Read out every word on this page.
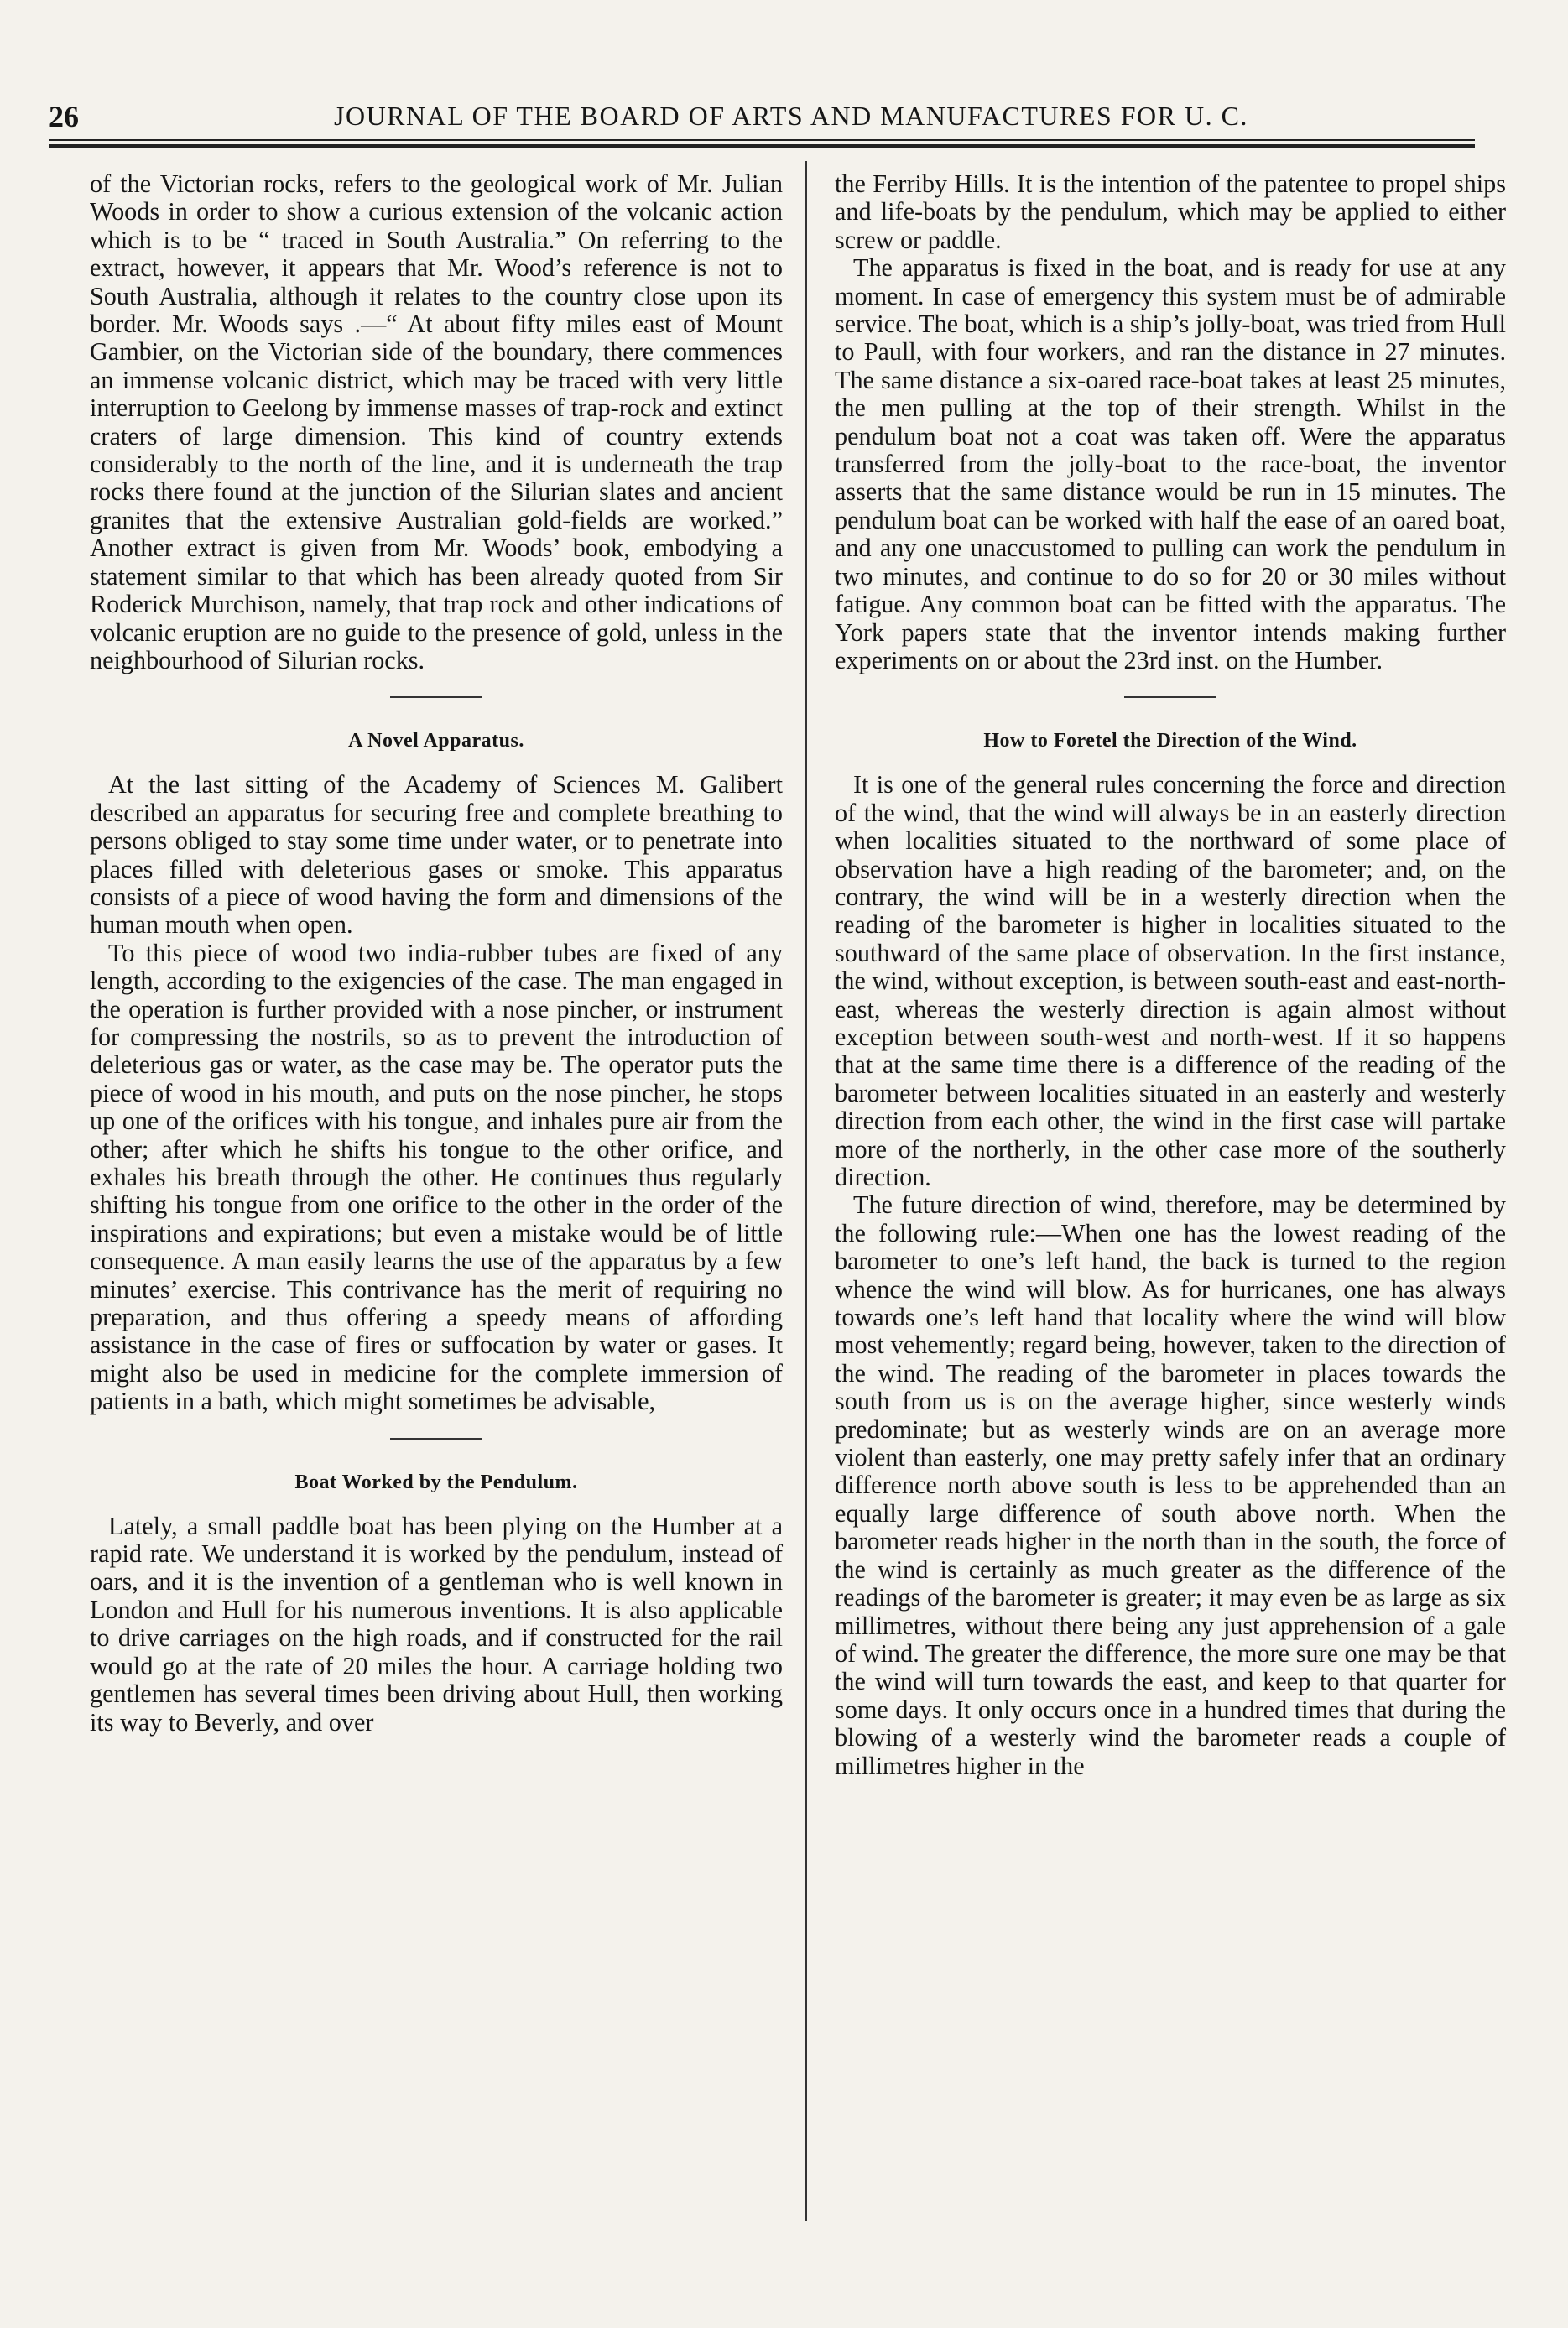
26	JOURNAL OF THE BOARD OF ARTS AND MANUFACTURES FOR U. C.

of the Victorian rocks, refers to the geological work of Mr. Julian Woods in order to show a curious extension of the volcanic action which is to be “ traced in South Australia.” On referring to the extract, however, it appears that Mr. Wood’s reference is not to South Australia, although it relates to the country close upon its border. Mr. Woods says .—“ At about fifty miles east of Mount Gambier, on the Victorian side of the boundary, there commences an immense volcanic district, which may be traced with very little interruption to Geelong by immense masses of trap-rock and extinct craters of large dimension. This kind of country extends considerably to the north of the line, and it is underneath the trap rocks there found at the junction of the Silurian slates and ancient granites that the extensive Australian gold-fields are worked.” Another extract is given from Mr. Woods’ book, embodying a statement similar to that which has been already quoted from Sir Roderick Murchison, namely, that trap rock and other indications of volcanic eruption are no guide to the presence of gold, unless in the neighbourhood of Silurian rocks.

A Novel Apparatus.

At the last sitting of the Academy of Sciences M. Galibert described an apparatus for securing free and complete breathing to persons obliged to stay some time under water, or to penetrate into places filled with deleterious gases or smoke. This apparatus consists of a piece of wood having the form and dimensions of the human mouth when open.

To this piece of wood two india-rubber tubes are fixed of any length, according to the exigencies of the case. The man engaged in the operation is further provided with a nose pincher, or instrument for compressing the nostrils, so as to prevent the introduction of deleterious gas or water, as the case may be. The operator puts the piece of wood in his mouth, and puts on the nose pincher, he stops up one of the orifices with his tongue, and inhales pure air from the other; after which he shifts his tongue to the other orifice, and exhales his breath through the other. He continues thus regularly shifting his tongue from one orifice to the other in the order of the inspirations and expirations; but even a mistake would be of little consequence. A man easily learns the use of the apparatus by a few minutes’ exercise. This contrivance has the merit of requiring no preparation, and thus offering a speedy means of affording assistance in the case of fires or suffocation by water or gases. It might also be used in medicine for the complete immersion of patients in a bath, which might sometimes be advisable,

Boat Worked by the Pendulum.

Lately, a small paddle boat has been plying on the Humber at a rapid rate. We understand it is worked by the pendulum, instead of oars, and it is the invention of a gentleman who is well known in London and Hull for his numerous inventions. It is also applicable to drive carriages on the high roads, and if constructed for the rail would go at the rate of 20 miles the hour. A carriage holding two gentlemen has several times been driving about Hull, then working its way to Beverly, and over

the Ferriby Hills. It is the intention of the patentee to propel ships and life-boats by the pendulum, which may be applied to either screw or paddle.

The apparatus is fixed in the boat, and is ready for use at any moment. In case of emergency this system must be of admirable service. The boat, which is a ship’s jolly-boat, was tried from Hull to Paull, with four workers, and ran the distance in 27 minutes. The same distance a six-oared race-boat takes at least 25 minutes, the men pulling at the top of their strength. Whilst in the pendulum boat not a coat was taken off. Were the apparatus transferred from the jolly-boat to the race-boat, the inventor asserts that the same distance would be run in 15 minutes. The pendulum boat can be worked with half the ease of an oared boat, and any one unaccustomed to pulling can work the pendulum in two minutes, and continue to do so for 20 or 30 miles without fatigue. Any common boat can be fitted with the apparatus. The York papers state that the inventor intends making further experiments on or about the 23rd inst. on the Humber.

How to Foretel the Direction of the Wind.

It is one of the general rules concerning the force and direction of the wind, that the wind will always be in an easterly direction when localities situated to the northward of some place of observation have a high reading of the barometer; and, on the contrary, the wind will be in a westerly direction when the reading of the barometer is higher in localities situated to the southward of the same place of observation. In the first instance, the wind, without exception, is between south-east and east-north-east, whereas the westerly direction is again almost without exception between south-west and north-west. If it so happens that at the same time there is a difference of the reading of the barometer between localities situated in an easterly and westerly direction from each other, the wind in the first case will partake more of the northerly, in the other case more of the southerly direction.

The future direction of wind, therefore, may be determined by the following rule:—When one has the lowest reading of the barometer to one’s left hand, the back is turned to the region whence the wind will blow. As for hurricanes, one has always towards one’s left hand that locality where the wind will blow most vehemently; regard being, however, taken to the direction of the wind. The reading of the barometer in places towards the south from us is on the average higher, since westerly winds predominate; but as westerly winds are on an average more violent than easterly, one may pretty safely infer that an ordinary difference north above south is less to be apprehended than an equally large difference of south above north. When the barometer reads higher in the north than in the south, the force of the wind is certainly as much greater as the difference of the readings of the barometer is greater; it may even be as large as six millimetres, without there being any just apprehension of a gale of wind. The greater the difference, the more sure one may be that the wind will turn towards the east, and keep to that quarter for some days. It only occurs once in a hundred times that during the blowing of a westerly wind the barometer reads a couple of millimetres higher in the
